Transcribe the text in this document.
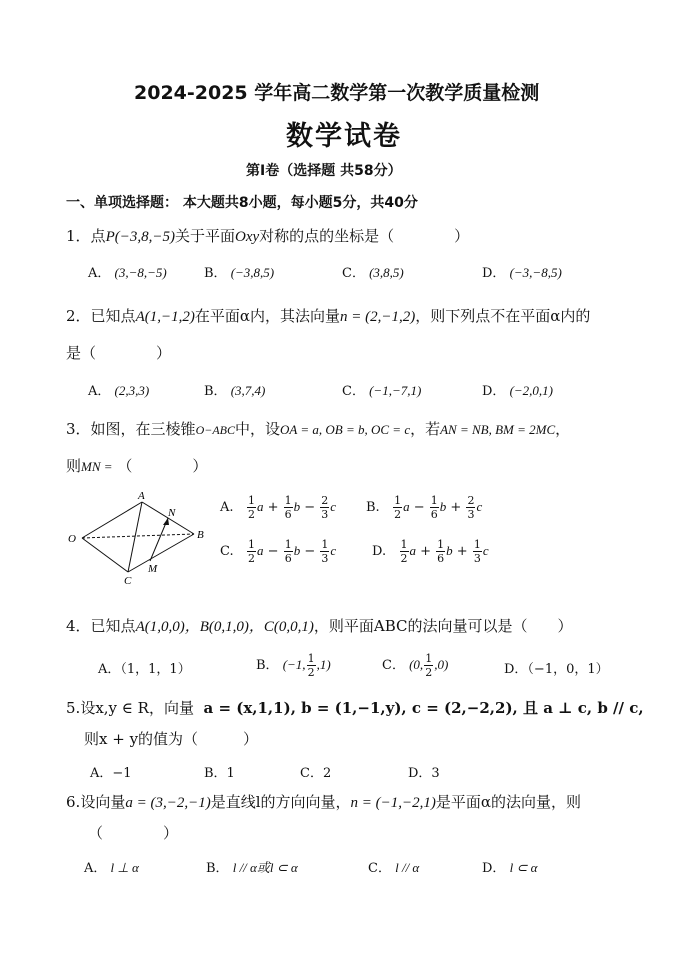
2024-2025 学年高二数学第一次教学质量检测
数学试卷
第Ⅰ卷（选择题 共58分）
一、单项选择题： 本大题共8小题，每小题5分，共40分
1．点P(−3,8,−5)关于平面Oxy对称的点的坐标是（　　　　）
A． (3,−8,−5)	B． (−3,8,5)	C． (3,8,5)	D． (−3,−8,5)
2．已知点A(1,−1,2)在平面α内，其法向量n = (2,−1,2)，则下列点不在平面α内的
是（　　　　）
A． (2,3,3)	B． (3,7,4)	C． (−1,−7,1)	D． (−2,0,1)
3．如图，在三棱锥O−ABC中，设OA = a, OB = b, OC = c，若AN = NB, BM = 2MC，
则MN = （　　　　）
A
N
O	B
C
M
A. $\frac{1}{2}$ $a + \frac{1}{6}$ $b - \frac{2}{3}$ c B. $\frac{1}{2}$ $a - \frac{1}{6}$ $b + \frac{2}{3}$ c
C. $\frac{1}{2}$ $a - \frac{1}{6}$ $b - \frac{1}{3}$ c	D. $\frac{1}{2}$ $a + \frac{1}{6}$ $b + \frac{1}{3}$ c
4．已知点A(1,0,0)，B(0,1,0)，C(0,0,1)，则平面ABC的法向量可以是（　　）
A．（1，1，1）	B． (−1, $\frac{1}{2} ,1$)	C． (0, $\frac{1}{2} ,0$)	D．（−1，0，1）
5.设x,y ∈ R，向量 a = (x,1,1), b = (1,−1,y), c = (2,−2,2), 且 a ⊥ c, b // c,
则x + y的值为（　　　）
A．−1	B．1	C．2	D．3
6.设向量a = (3,−2,−1)是直线l的方向向量，n = (−1,−2,1)是平面α的法向量，则
（　　　　）
A． l ⊥ α	B． l // α或l ⊂ α	C． l // α	D． l ⊂ α
